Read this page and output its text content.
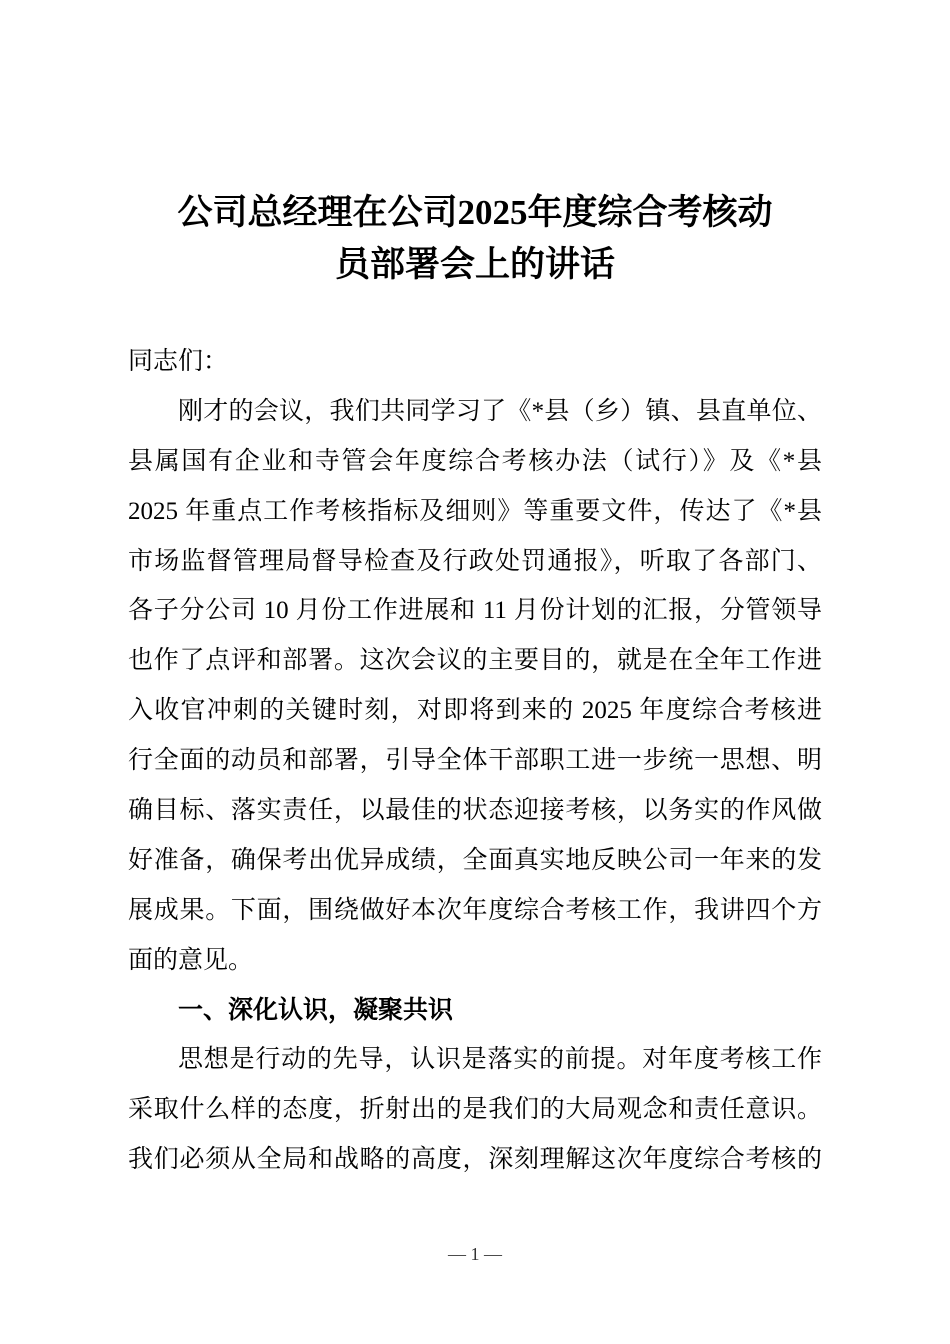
公司总经理在公司2025年度综合考核动
员部署会上的讲话
同志们：
刚才的会议，我们共同学习了《*县（乡）镇、县直单位、
县属国有企业和寺管会年度综合考核办法（试行）》及《*县
2025 年重点工作考核指标及细则》等重要文件，传达了《*县
市场监督管理局督导检查及行政处罚通报》，听取了各部门、
各子分公司 10 月份工作进展和 11 月份计划的汇报，分管领导
也作了点评和部署。这次会议的主要目的，就是在全年工作进
入收官冲刺的关键时刻，对即将到来的 2025 年度综合考核进
行全面的动员和部署，引导全体干部职工进一步统一思想、明
确目标、落实责任，以最佳的状态迎接考核，以务实的作风做
好准备，确保考出优异成绩，全面真实地反映公司一年来的发
展成果。下面，围绕做好本次年度综合考核工作，我讲四个方
面的意见。
一、深化认识，凝聚共识
思想是行动的先导，认识是落实的前提。对年度考核工作
采取什么样的态度，折射出的是我们的大局观念和责任意识。
我们必须从全局和战略的高度，深刻理解这次年度综合考核的
— 1 —
